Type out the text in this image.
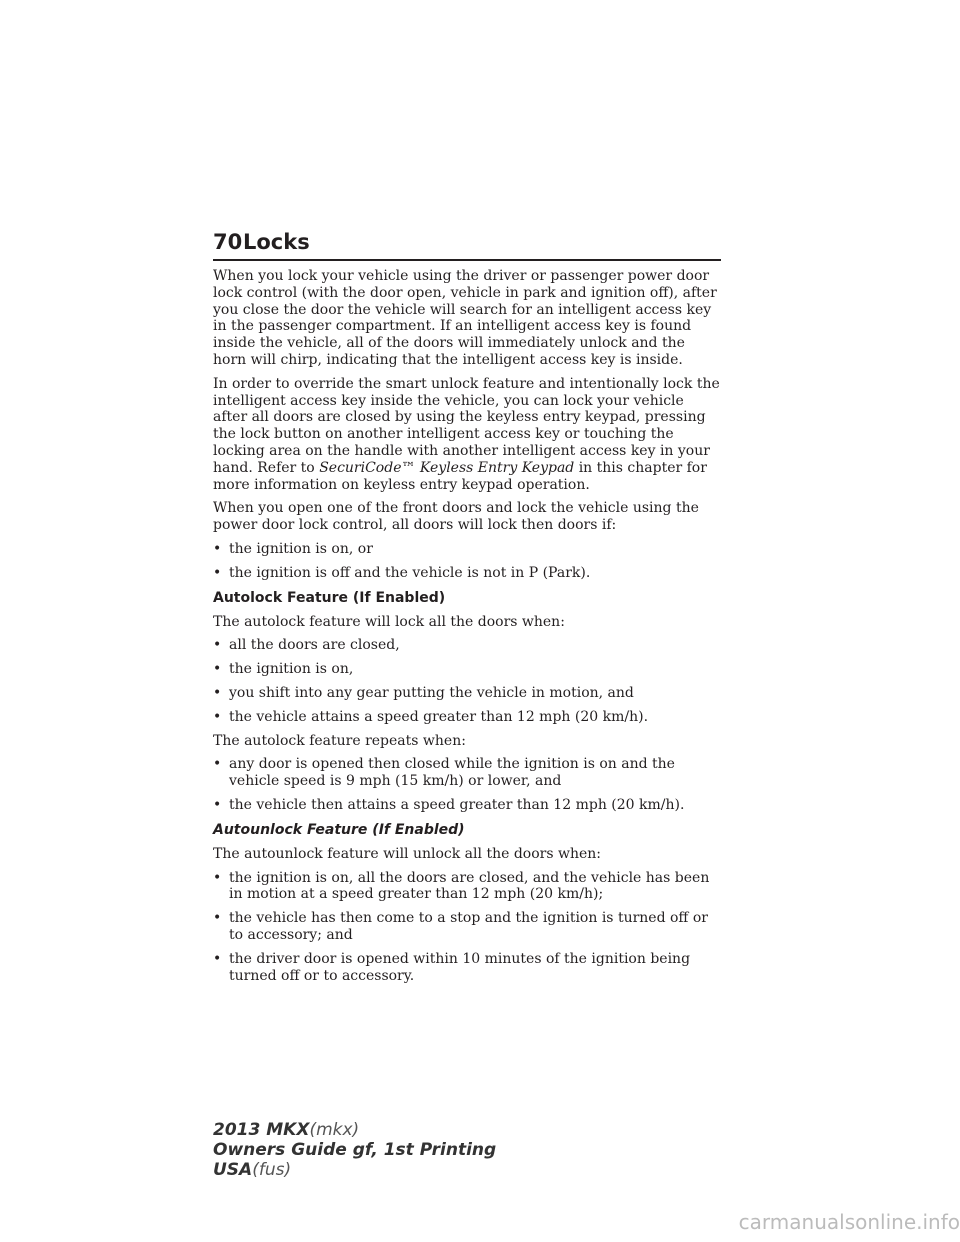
70 Locks

When you lock your vehicle using the driver or passenger power door lock control (with the door open, vehicle in park and ignition off), after you close the door the vehicle will search for an intelligent access key in the passenger compartment. If an intelligent access key is found inside the vehicle, all of the doors will immediately unlock and the horn will chirp, indicating that the intelligent access key is inside.

In order to override the smart unlock feature and intentionally lock the intelligent access key inside the vehicle, you can lock your vehicle after all doors are closed by using the keyless entry keypad, pressing the lock button on another intelligent access key or touching the locking area on the handle with another intelligent access key in your hand. Refer to SecuriCode™ Keyless Entry Keypad in this chapter for more information on keyless entry keypad operation.

When you open one of the front doors and lock the vehicle using the power door lock control, all doors will lock then doors if:

• the ignition is on, or
• the ignition is off and the vehicle is not in P (Park).
Autolock Feature (If Enabled)

The autolock feature will lock all the doors when:

• all the doors are closed,
• the ignition is on,
• you shift into any gear putting the vehicle in motion, and
• the vehicle attains a speed greater than 12 mph (20 km/h).

The autolock feature repeats when:

• any door is opened then closed while the ignition is on and the vehicle speed is 9 mph (15 km/h) or lower, and
• the vehicle then attains a speed greater than 12 mph (20 km/h).
Autounlock Feature (If Enabled)

The autounlock feature will unlock all the doors when:

• the ignition is on, all the doors are closed, and the vehicle has been in motion at a speed greater than 12 mph (20 km/h);
• the vehicle has then come to a stop and the ignition is turned off or to accessory; and
• the driver door is opened within 10 minutes of the ignition being turned off or to accessory.
2013 MKX(mkx)
Owners Guide gf, 1st Printing
USA(fus)
carmanualsonline.info
